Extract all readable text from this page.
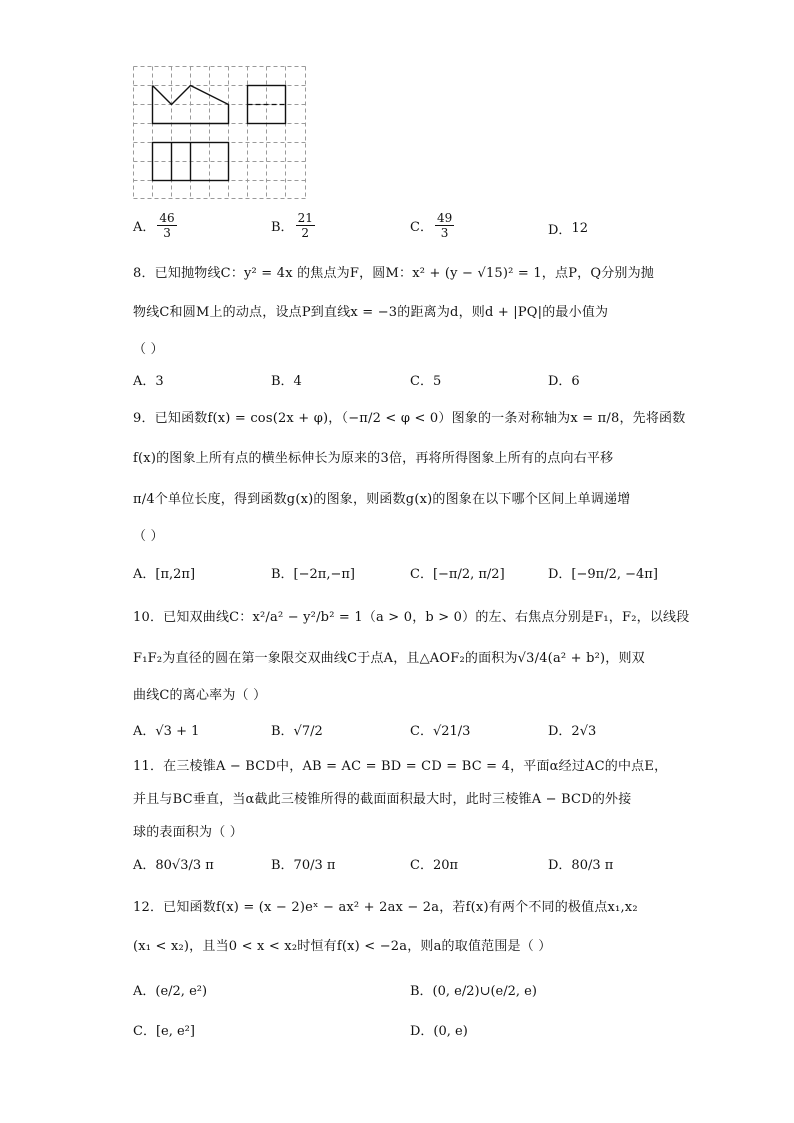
A． $\frac{46}{3}$	B． $\frac{21}{2}$	C． $\frac{49}{3}$	D． 12
8．已知抛物线C：y² = 4x 的焦点为F，圆M：x² + (y − √15)² = 1，点P，Q分别为抛
物线C和圆M上的动点，设点P到直线x = −3的距离为d，则d + |PQ|的最小值为
（ ）
A．3	B．4	C．5	D．6
9．已知函数f(x) = cos(2x + φ)，（−π/2 < φ < 0）图象的一条对称轴为x = π/8，先将函数
f(x)的图象上所有点的横坐标伸长为原来的3倍，再将所得图象上所有的点向右平移
π/4个单位长度，得到函数g(x)的图象，则函数g(x)的图象在以下哪个区间上单调递增
（ ）
A．[π,2π]	B．[−2π,−π]	C．[−π/2, π/2]	D．[−9π/2, −4π]
10．已知双曲线C：x²/a² − y²/b² = 1（a > 0，b > 0）的左、右焦点分别是F₁，F₂，以线段
F₁F₂为直径的圆在第一象限交双曲线C于点A，且△AOF₂的面积为√3/4(a² + b²)，则双
曲线C的离心率为（ ）
A．√3 + 1	B．√7/2	C．√21/3	D．2√3
11．在三棱锥A − BCD中，AB = AC = BD = CD = BC = 4，平面α经过AC的中点E，
并且与BC垂直，当α截此三棱锥所得的截面面积最大时，此时三棱锥A − BCD的外接
球的表面积为（ ）
A．80√3/3 π	B．70/3 π	C．20π	D．80/3 π
12．已知函数f(x) = (x − 2)eˣ − ax² + 2ax − 2a，若f(x)有两个不同的极值点x₁,x₂
(x₁ < x₂)，且当0 < x < x₂时恒有f(x) < −2a，则a的取值范围是（ ）
A．(e/2, e²)	B．(0, e/2)∪(e/2, e)
C．[e, e²]	D．(0, e)
